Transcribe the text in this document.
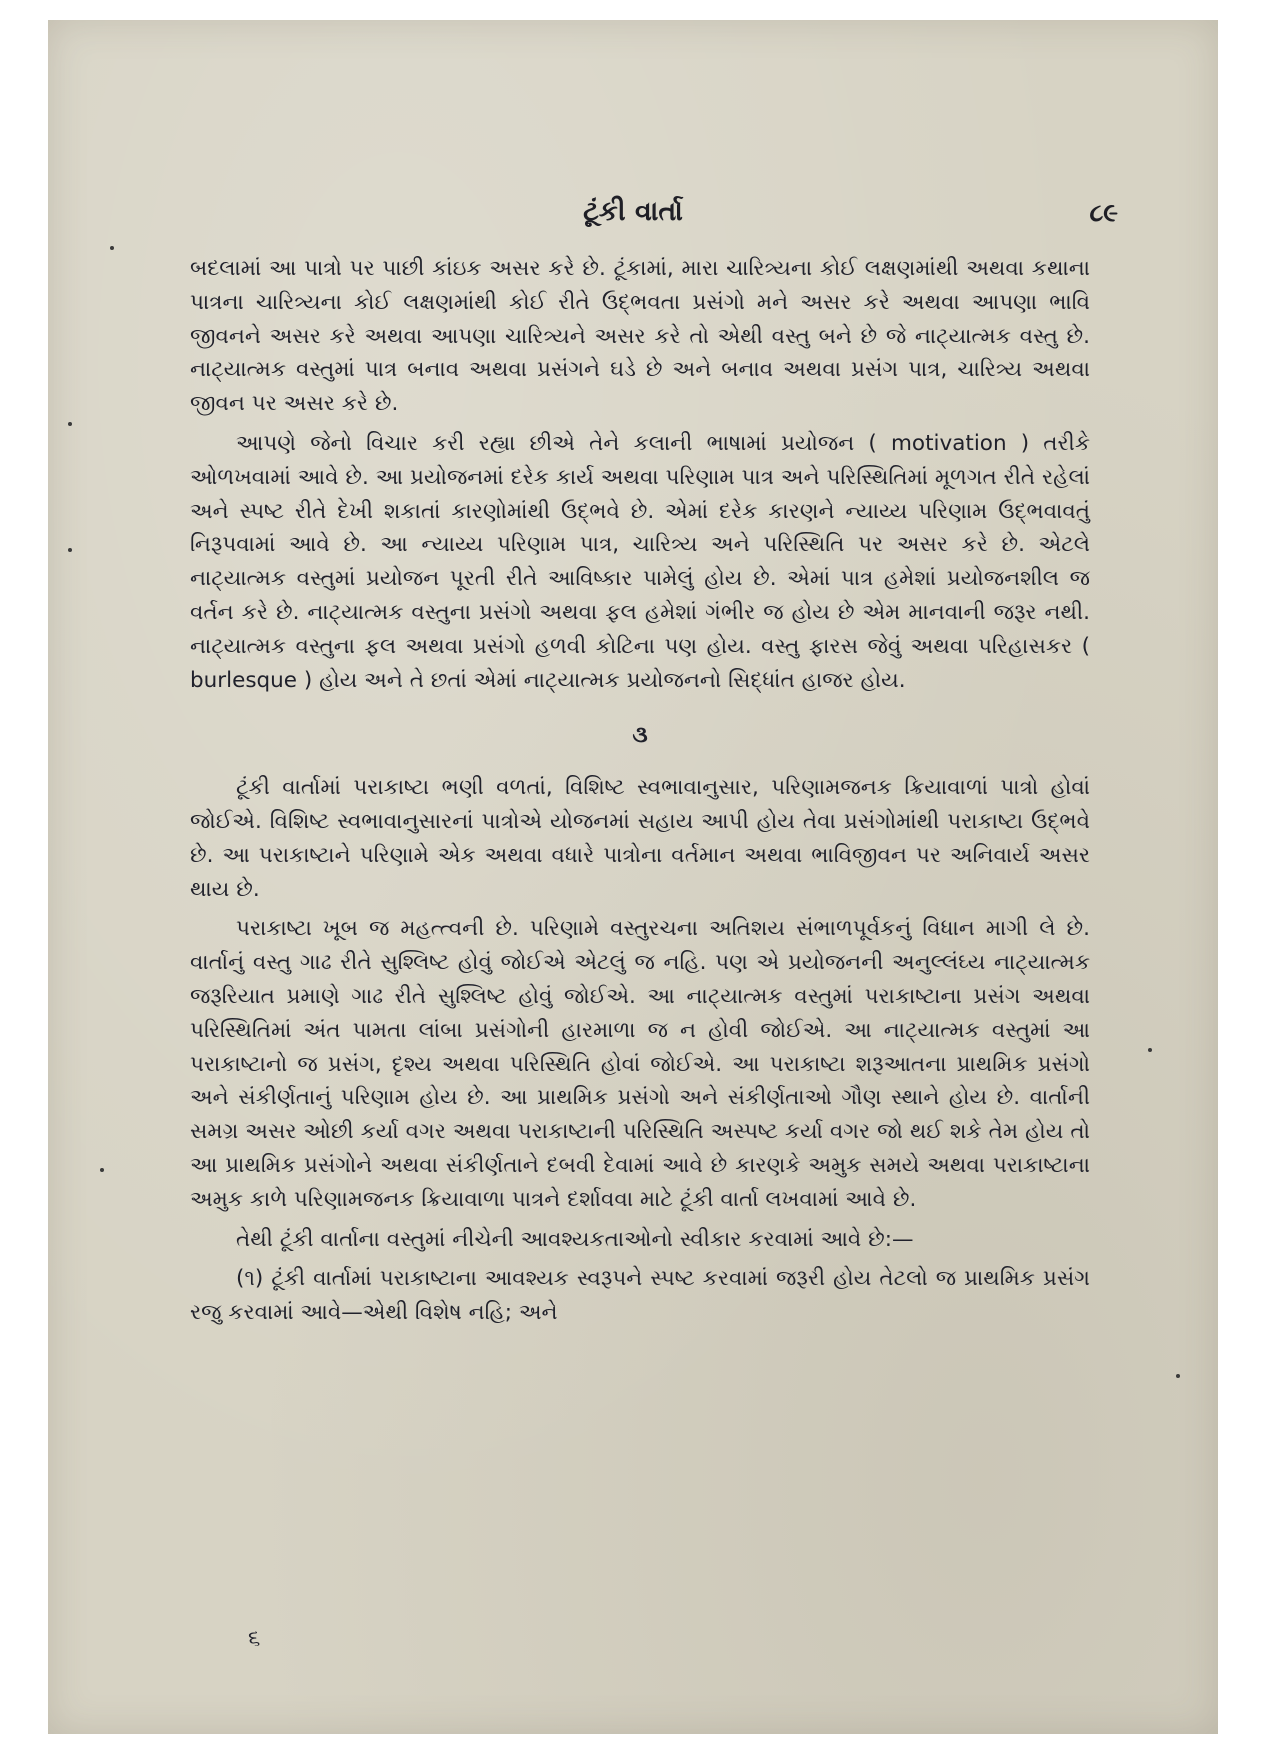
ટૂંકી વાર્તા	૮૯

બદલામાં આ પાત્રો પર પાછી કાંઇક અસર કરે છે. ટૂંકામાં, મારા ચારિત્ર્યના કોઈ લક્ષણમાંથી અથવા કથાના પાત્રના ચારિત્ર્યના કોઈ લક્ષણમાંથી કોઈ રીતે ઉદ્ભવતા પ્રસંગો મને અસર કરે અથવા આપણા ભાવિ જીવનને અસર કરે અથવા આપણા ચારિત્ર્યને અસર કરે તો એથી વસ્તુ બને છે જે નાટ્યાત્મક વસ્તુ છે. નાટ્યાત્મક વસ્તુમાં પાત્ર બનાવ અથવા પ્રસંગને ઘડે છે અને બનાવ અથવા પ્રસંગ પાત્ર, ચારિત્ર્ય અથવા જીવન પર અસર કરે છે.

આપણે જેનો વિચાર કરી રહ્યા છીએ તેને કલાની ભાષામાં પ્રયોજન ( motivation ) તરીકે ઓળખવામાં આવે છે. આ પ્રયોજનમાં દરેક કાર્ય અથવા પરિણામ પાત્ર અને પરિસ્થિતિમાં મૂળગત રીતે રહેલાં અને સ્પષ્ટ રીતે દેખી શકાતાં કારણોમાંથી ઉદ્ભવે છે. એમાં દરેક કારણને ન્યાય્ય પરિણામ ઉદ્ભવાવતું નિરૂપવામાં આવે છે. આ ન્યાય્ય પરિણામ પાત્ર, ચારિત્ર્ય અને પરિસ્થિતિ પર અસર કરે છે. એટલે નાટ્યાત્મક વસ્તુમાં પ્રયોજન પૂરતી રીતે આવિષ્કાર પામેલું હોય છે. એમાં પાત્ર હમેશાં પ્રયોજનશીલ જ વર્તન કરે છે. નાટ્યાત્મક વસ્તુના પ્રસંગો અથવા ફલ હમેશાં ગંભીર જ હોય છે એમ માનવાની જરૂર નથી. નાટ્યાત્મક વસ્તુના ફલ અથવા પ્રસંગો હળવી કોટિના પણ હોય. વસ્તુ ફારસ જેવું અથવા પરિહાસકર ( burlesque ) હોય અને તે છતાં એમાં નાટ્યાત્મક પ્રયોજનનો સિદ્ધાંત હાજર હોય.

૩

ટૂંકી વાર્તામાં પરાકાષ્ટા ભણી વળતાં, વિશિષ્ટ સ્વભાવાનુસાર, પરિણામજનક ક્રિયાવાળાં પાત્રો હોવાં જોઈએ. વિશિષ્ટ સ્વભાવાનુસારનાં પાત્રોએ યોજનમાં સહાય આપી હોય તેવા પ્રસંગોમાંથી પરાકાષ્ટા ઉદ્ભવે છે. આ પરાકાષ્ટાને પરિણામે એક અથવા વધારે પાત્રોના વર્તમાન અથવા ભાવિજીવન પર અનિવાર્ય અસર થાય છે.

પરાકાષ્ટા ખૂબ જ મહત્ત્વની છે. પરિણામે વસ્તુરચના અતિશય સંભાળપૂર્વકનું વિધાન માગી લે છે. વાર્તાનું વસ્તુ ગાઢ રીતે સુશ્લિષ્ટ હોવું જોઈએ એટલું જ નહિ. પણ એ પ્રયોજનની અનુલ્લંઘ્ય નાટ્યાત્મક જરૂરિયાત પ્રમાણે ગાઢ રીતે સુશ્લિષ્ટ હોવું જોઈએ. આ નાટ્યાત્મક વસ્તુમાં પરાકાષ્ટાના પ્રસંગ અથવા પરિસ્થિતિમાં અંત પામતા લાંબા પ્રસંગોની હારમાળા જ ન હોવી જોઈએ. આ નાટ્યાત્મક વસ્તુમાં આ પરાકાષ્ટાનો જ પ્રસંગ, દૃશ્ય અથવા પરિસ્થિતિ હોવાં જોઈએ. આ પરાકાષ્ટા શરૂઆતના પ્રાથમિક પ્રસંગો અને સંકીર્ણતાનું પરિણામ હોય છે. આ પ્રાથમિક પ્રસંગો અને સંકીર્ણતાઓ ગૌણ સ્થાને હોય છે. વાર્તાની સમગ્ર અસર ઓછી કર્યા વગર અથવા પરાકાષ્ટાની પરિસ્થિતિ અસ્પષ્ટ કર્યા વગર જો થઈ શકે તેમ હોય તો આ પ્રાથમિક પ્રસંગોને અથવા સંકીર્ણતાને દબવી દેવામાં આવે છે કારણકે અમુક સમયે અથવા પરાકાષ્ટાના અમુક કાળે પરિણામજનક ક્રિયાવાળા પાત્રને દર્શાવવા માટે ટૂંકી વાર્તા લખવામાં આવે છે.

તેથી ટૂંકી વાર્તાના વસ્તુમાં નીચેની આવશ્યકતાઓનો સ્વીકાર કરવામાં આવે છે:—

(૧) ટૂંકી વાર્તામાં પરાકાષ્ટાના આવશ્યક સ્વરૂપને સ્પષ્ટ કરવામાં જરૂરી હોય તેટલો જ પ્રાથમિક પ્રસંગ રજુ કરવામાં આવે—એથી વિશેષ નહિ; અને

૬
